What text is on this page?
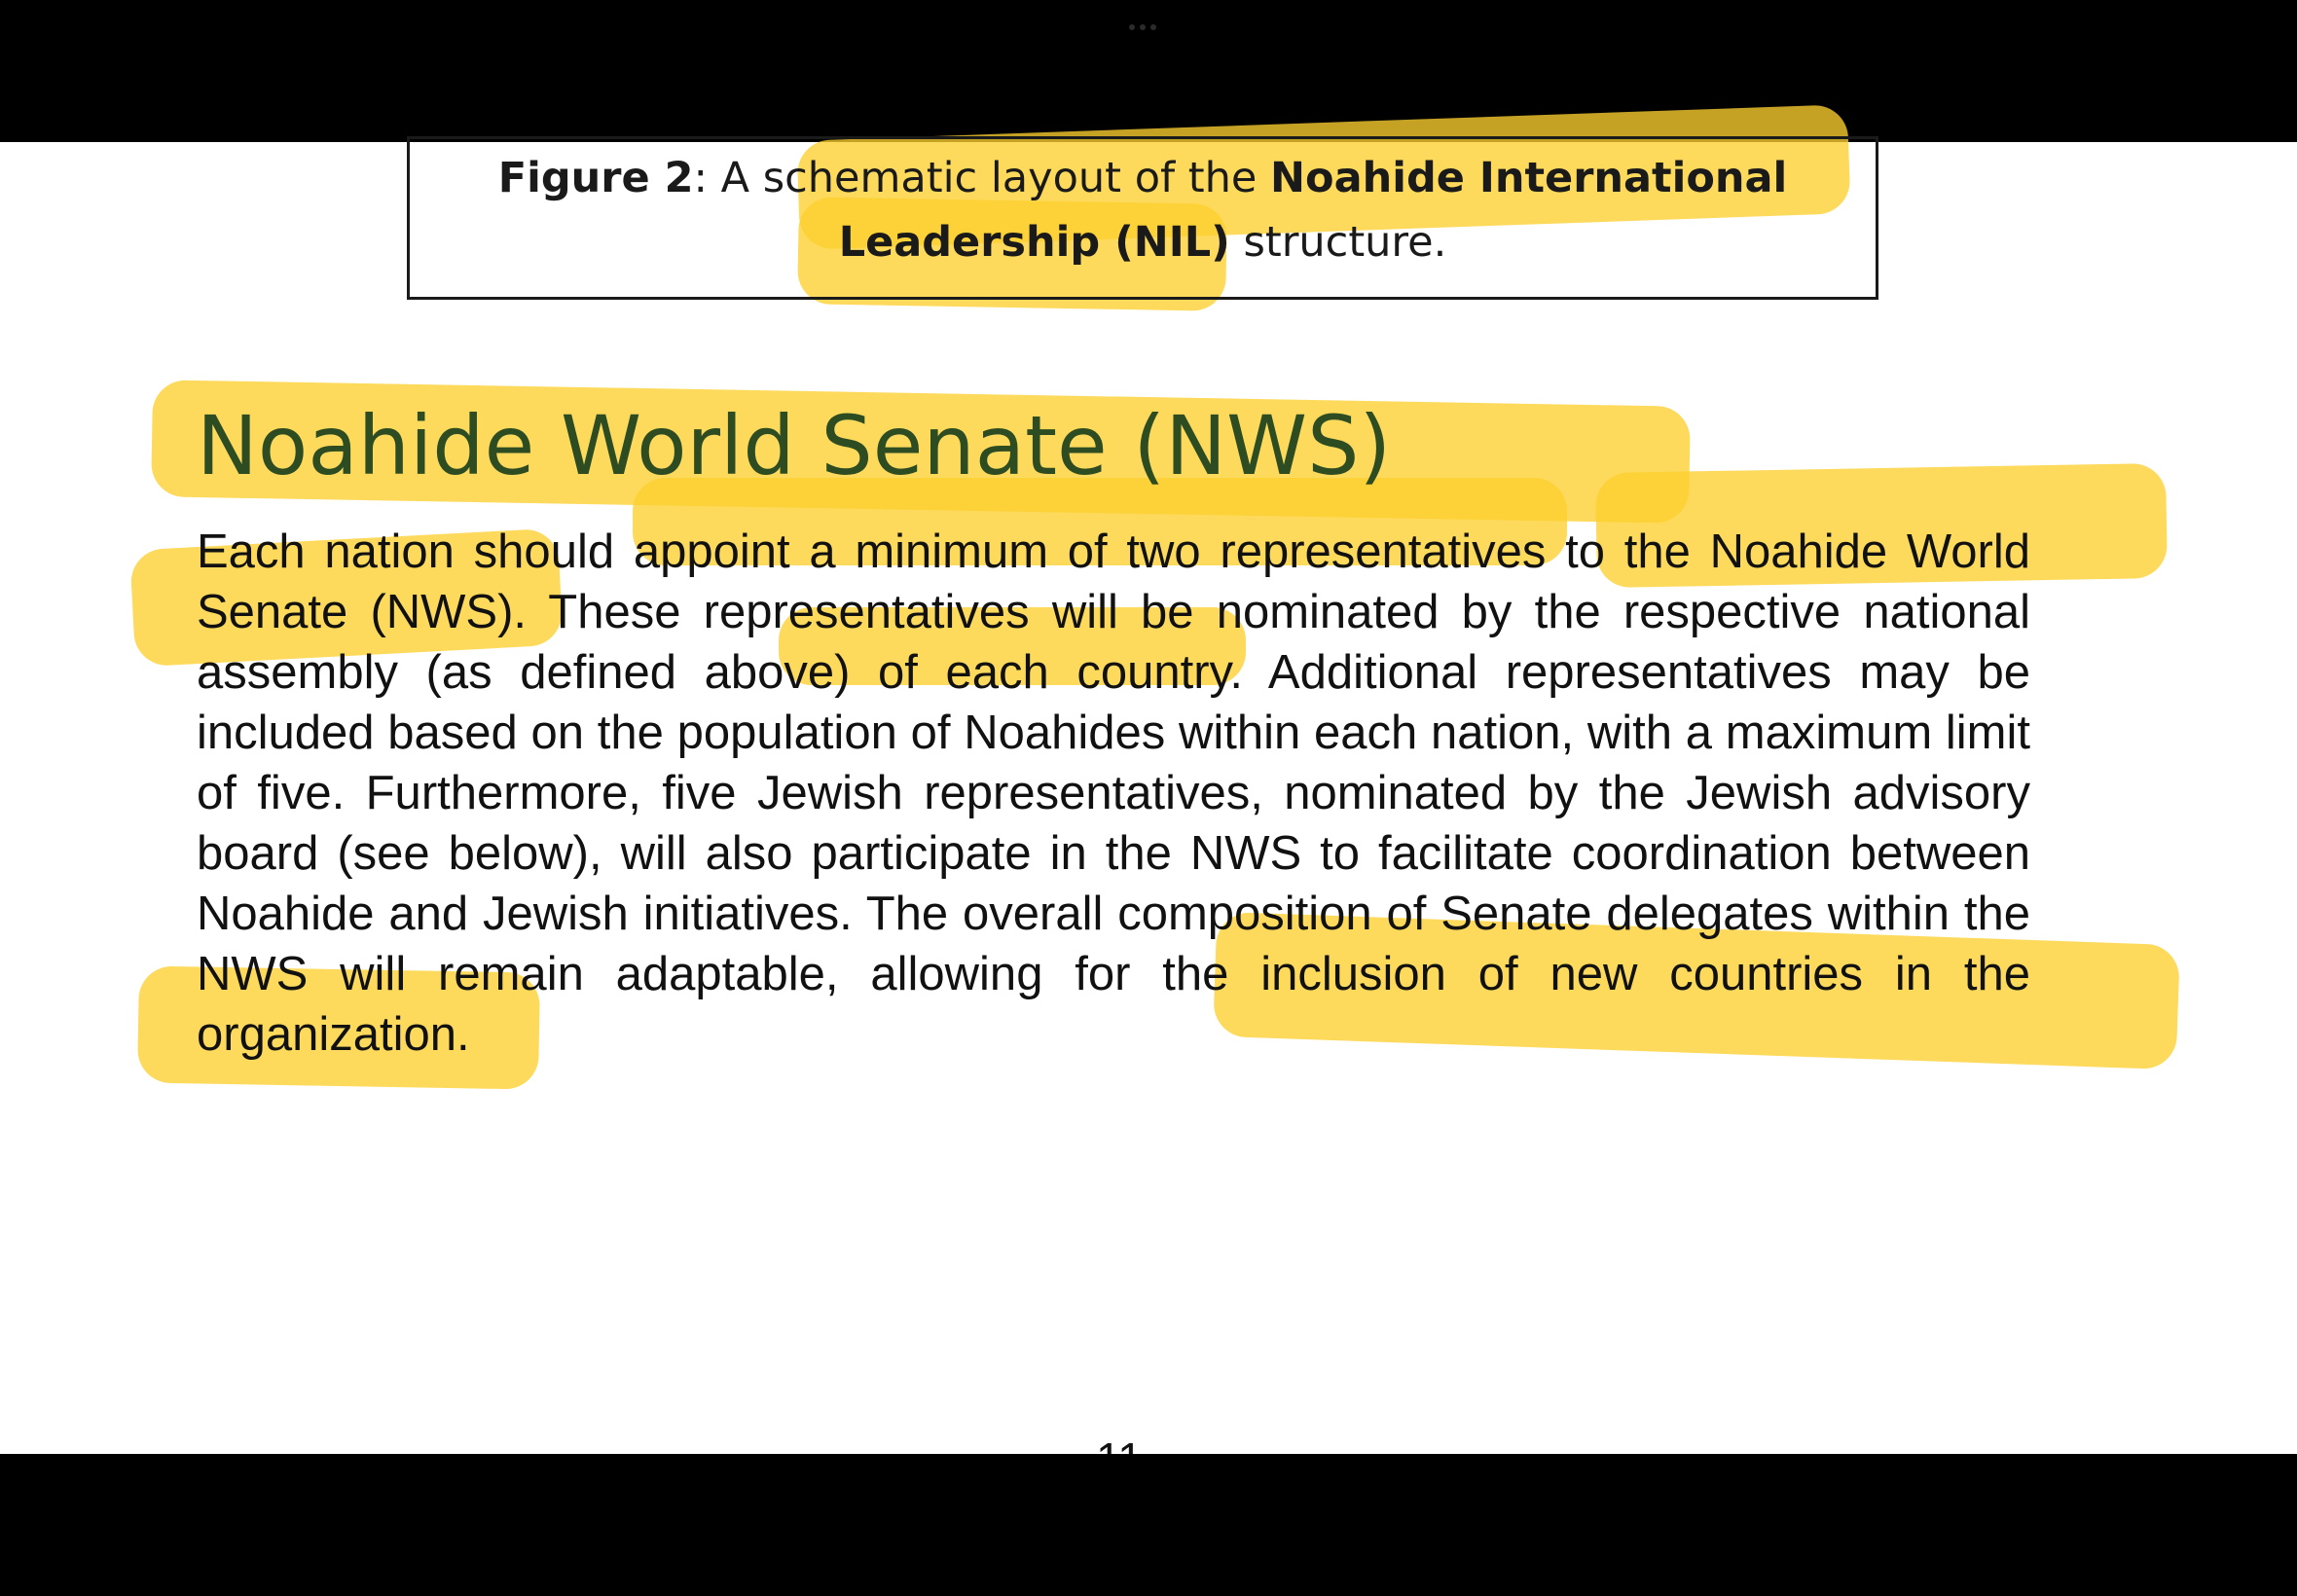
Figure 2: A schematic layout of the Noahide International
Leadership (NIL) structure.
Noahide World Senate (NWS)

Each nation should appoint a minimum of two representatives to the Noahide World Senate (NWS). These representatives will be nominated by the respective national assembly (as defined above) of each country. Additional representatives may be included based on the population of Noahides within each nation, with a maximum limit of five. Furthermore, five Jewish representatives, nominated by the Jewish advisory board (see below), will also participate in the NWS to facilitate coordination between Noahide and Jewish initiatives. The overall composition of Senate delegates within the NWS will remain adaptable, allowing for the inclusion of new countries in the organization.
